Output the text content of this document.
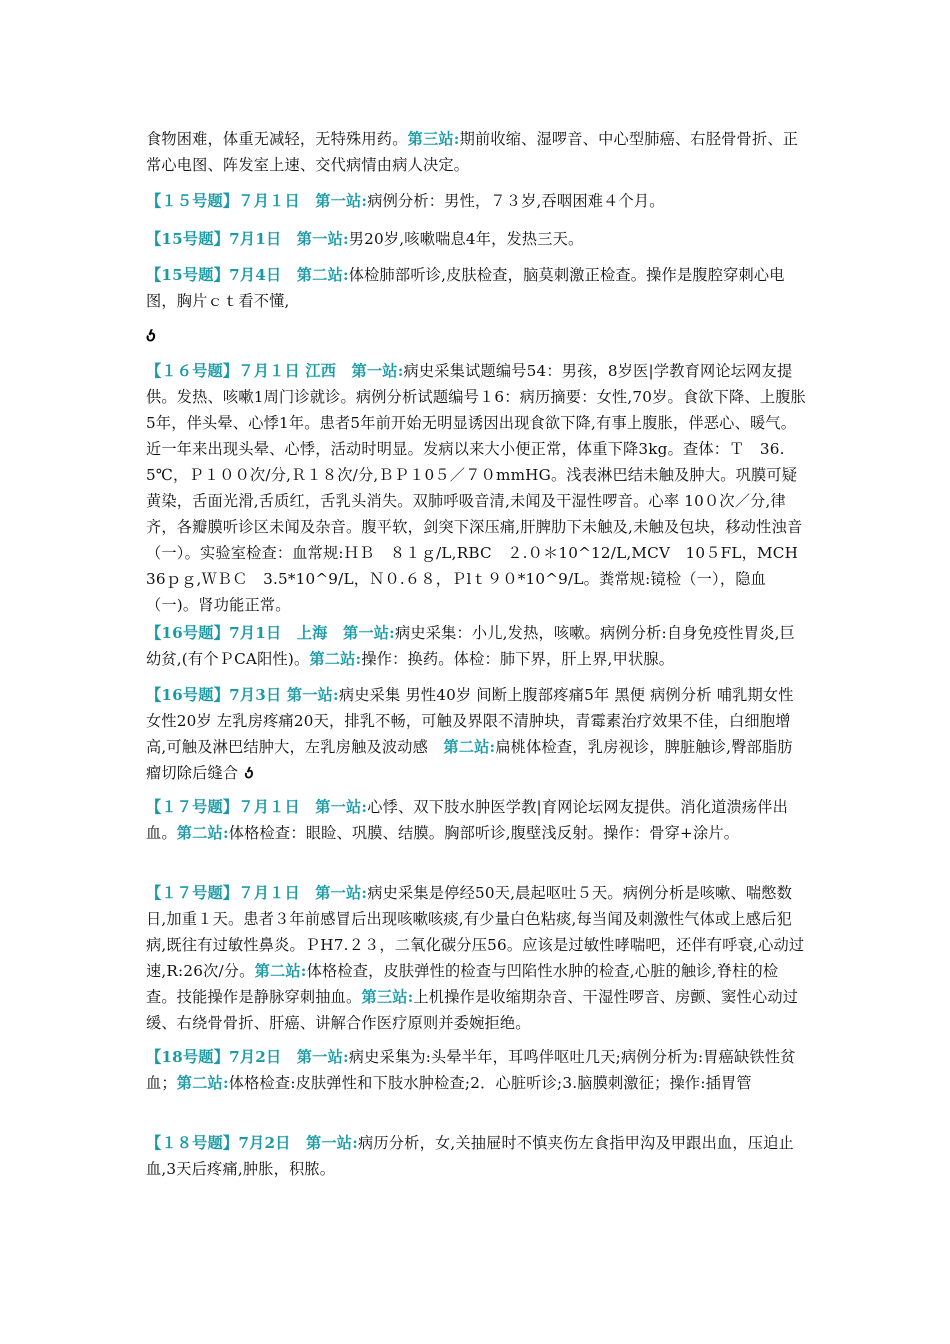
食物困难，体重无减轻，无特殊用药。第三站:期前收缩、湿啰音、中心型肺癌、右胫骨骨折、正常心电图、阵发室上速、交代病情由病人决定。
【１５号题】７月１日　第一站:病例分析：男性，７３岁,吞咽困难４个月。
【15号题】7月1日　第一站:男20岁,咳嗽喘息4年，发热三天。
【15号题】7月4日　第二站:体检肺部听诊,皮肤检查，脑莫刺激正检查。操作是腹腔穿刺心电图，胸片ｃｔ看不懂,
【１６号题】７月１日 江西　第一站:病史采集试题编号54：男孩，8岁医|学教育网论坛网友提供。发热、咳嗽1周门诊就诊。病例分析试题编号１6：病历摘要：女性,70岁。食欲下降、上腹胀5年，伴头晕、心悸1年。患者5年前开始无明显诱因出现食欲下降,有事上腹胀，伴恶心、暖气。近一年来出现头晕、心悸，活动时明显。发病以来大小便正常，体重下降3kg。查体：Ｔ　36.5℃，Ｐ１００次/分,Ｒ１８次/分,ＢＰ１0５／７０mmHG。浅表淋巴结未触及肿大。巩膜可疑黄染，舌面光滑,舌质红，舌乳头消失。双肺呼吸音清,未闻及干湿性啰音。心率 10０次／分,律齐，各瓣膜听诊区未闻及杂音。腹平软，剑突下深压痛,肝脾肋下未触及,未触及包块，移动性浊音（一）。实验室检查：血常规:ＨＢ　８１ｇ/L,RBC　２.０＊10^12/L,MCV　10５FL，MCH 36ｐｇ,ＷＢＣ　3.5*10^9/L，Ｎ０.６８，Ｐlｔ９０*10^9/L。粪常规:镜检（一），隐血（一)。肾功能正常。
【16号题】7月1日　上海　第一站:病史采集：小儿,发热，咳嗽。病例分析:自身免疫性胃炎,巨幼贫,(有个ＰCA阳性)。第二站:操作：换药。体检：肺下界，肝上界,甲状腺。
【16号题】7月3日 第一站:病史采集 男性40岁 间断上腹部疼痛5年 黑便 病例分析 哺乳期女性女性20岁 左乳房疼痛20天，排乳不畅，可触及界限不清肿块，青霉素治疗效果不佳，白细胞增高,可触及淋巴结肿大，左乳房触及波动感　第二站:扁桃体检查，乳房视诊，脾脏触诊,臀部脂肪瘤切除后缝合 ꚽ
【１７号题】７月１日　第一站:心悸、双下肢水肿医学教|育网论坛网友提供。消化道溃疡伴出血。第二站:体格检查：眼睑、巩膜、结膜。胸部听诊,腹壁浅反射。操作：骨穿+涂片。
【１７号题】７月１日　第一站:病史采集是停经50天,晨起呕吐５天。病例分析是咳嗽、喘憋数日,加重１天。患者３年前感冒后出现咳嗽咳痰,有少量白色粘痰,每当闻及刺激性气体或上感后犯病,既往有过敏性鼻炎。ＰH7.２３，二氧化碳分压56。应该是过敏性哮喘吧，还伴有呼衰,心动过速,R:26次/分。第二站:体格检查，皮肤弹性的检查与凹陷性水肿的检查,心脏的触诊,脊柱的检查。技能操作是静脉穿刺抽血。第三站:上机操作是收缩期杂音、干湿性啰音、房颤、窦性心动过缓、右绕骨骨折、肝癌、讲解合作医疗原则并委婉拒绝。
【18号题】7月2日　第一站:病史采集为:头晕半年，耳鸣伴呕吐几天;病例分析为:胃癌缺铁性贫血；第二站:体格检查:皮肤弹性和下肢水肿检查;2．心脏听诊;3.脑膜刺激征；操作:插胃管
【１８号题】7月2日　第一站:病历分析，女,关抽屉时不慎夹伤左食指甲沟及甲跟出血，压迫止血,3天后疼痛,肿胀，积脓。
ꚽ
